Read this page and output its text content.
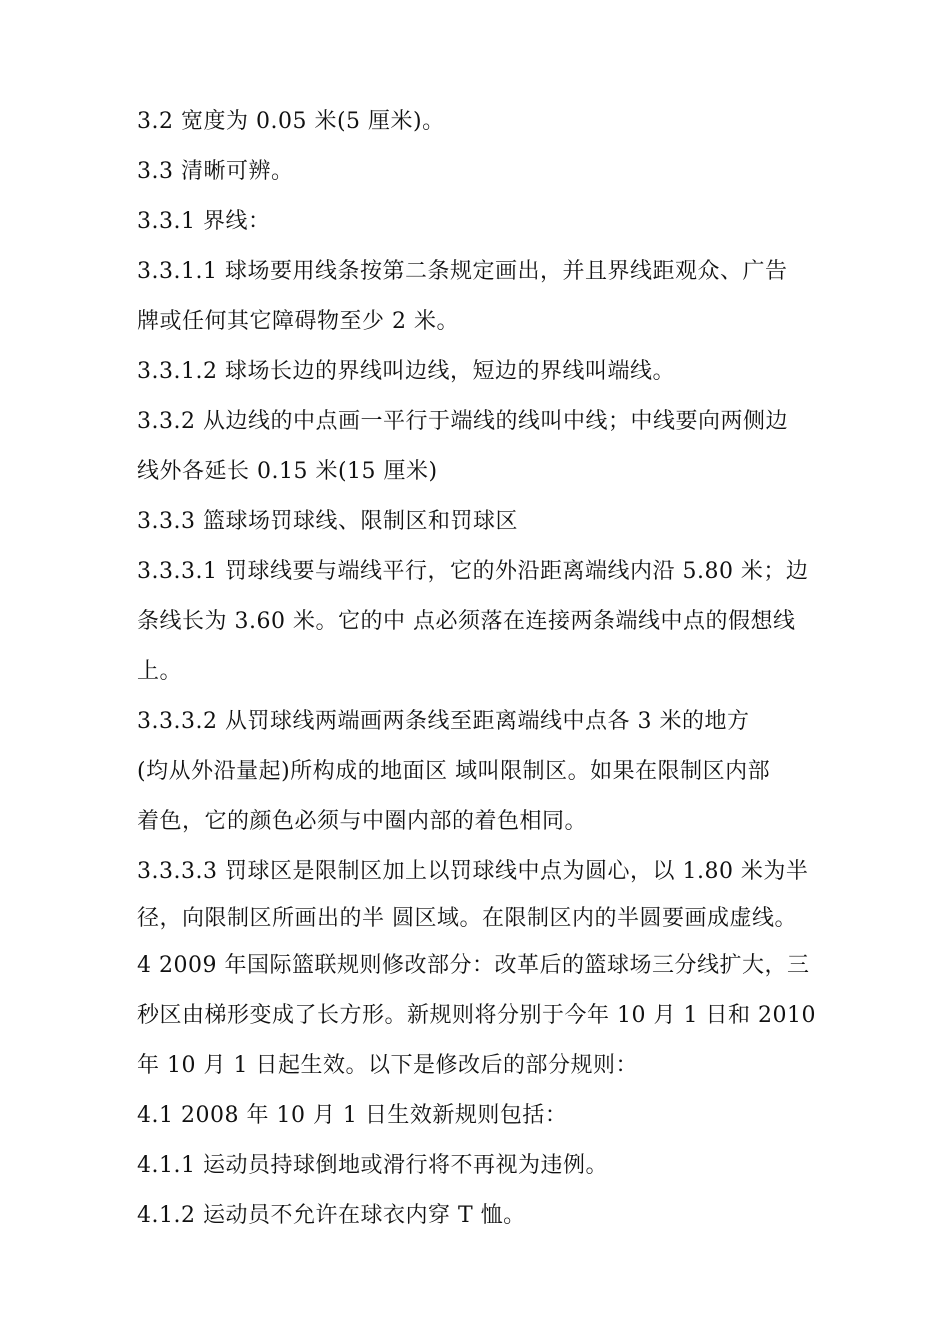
3.2 宽度为 0.05 米(5 厘米)。
3.3 清晰可辨。
3.3.1 界线：
3.3.1.1 球场要用线条按第二条规定画出，并且界线距观众、广告
牌或任何其它障碍物至少 2 米。
3.3.1.2 球场长边的界线叫边线，短边的界线叫端线。
3.3.2 从边线的中点画一平行于端线的线叫中线；中线要向两侧边
线外各延长 0.15 米(15 厘米)
3.3.3 篮球场罚球线、限制区和罚球区
3.3.3.1 罚球线要与端线平行，它的外沿距离端线内沿 5.80 米；边
条线长为 3.60 米。它的中 点必须落在连接两条端线中点的假想线
上。
3.3.3.2 从罚球线两端画两条线至距离端线中点各 3 米的地方
(均从外沿量起)所构成的地面区 域叫限制区。如果在限制区内部
着色，它的颜色必须与中圈内部的着色相同。
3.3.3.3 罚球区是限制区加上以罚球线中点为圆心，以 1.80 米为半
径，向限制区所画出的半 圆区域。在限制区内的半圆要画成虚线。
4 2009 年国际篮联规则修改部分：改革后的篮球场三分线扩大，三
秒区由梯形变成了长方形。新规则将分别于今年 10 月 1 日和 2010
年 10 月 1 日起生效。以下是修改后的部分规则：
4.1 2008 年 10 月 1 日生效新规则包括：
4.1.1 运动员持球倒地或滑行将不再视为违例。
4.1.2 运动员不允许在球衣内穿 T 恤。
